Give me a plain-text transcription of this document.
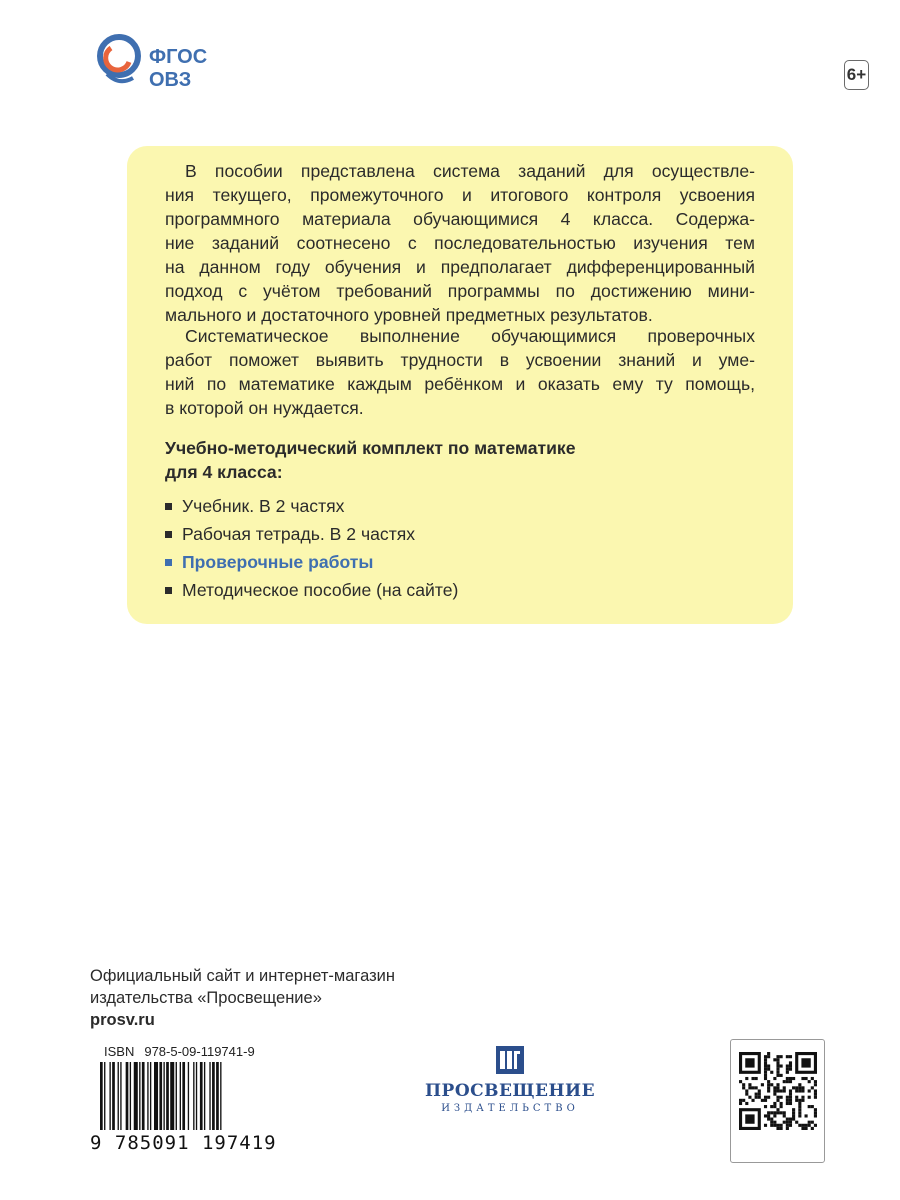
ФГОС
ОВЗ	6+

В пособии представлена система заданий для осуществле-
ния текущего, промежуточного и итогового контроля усвоения
программного материала обучающимися 4 класса. Содержа-
ние заданий соотнесено с последовательностью изучения тем
на данном году обучения и предполагает дифференцированный
подход с учётом требований программы по достижению мини-
мального и достаточного уровней предметных результатов.

Систематическое выполнение обучающимися проверочных
работ поможет выявить трудности в усвоении знаний и уме-
ний по математике каждым ребёнком и оказать ему ту помощь,
в которой он нуждается.

Учебно-методический комплект по математике
для 4 класса:
Учебник. В 2 частях
Рабочая тетрадь. В 2 частях
Проверочные работы
Методическое пособие (на сайте)
Официальный сайт и интернет-магазин
издательства «Просвещение»
prosv.ru
ISBN 978-5-09-119741-9
9 785091 197419
ПРОСВЕЩЕНИЕ
ИЗДАТЕЛЬСТВО
